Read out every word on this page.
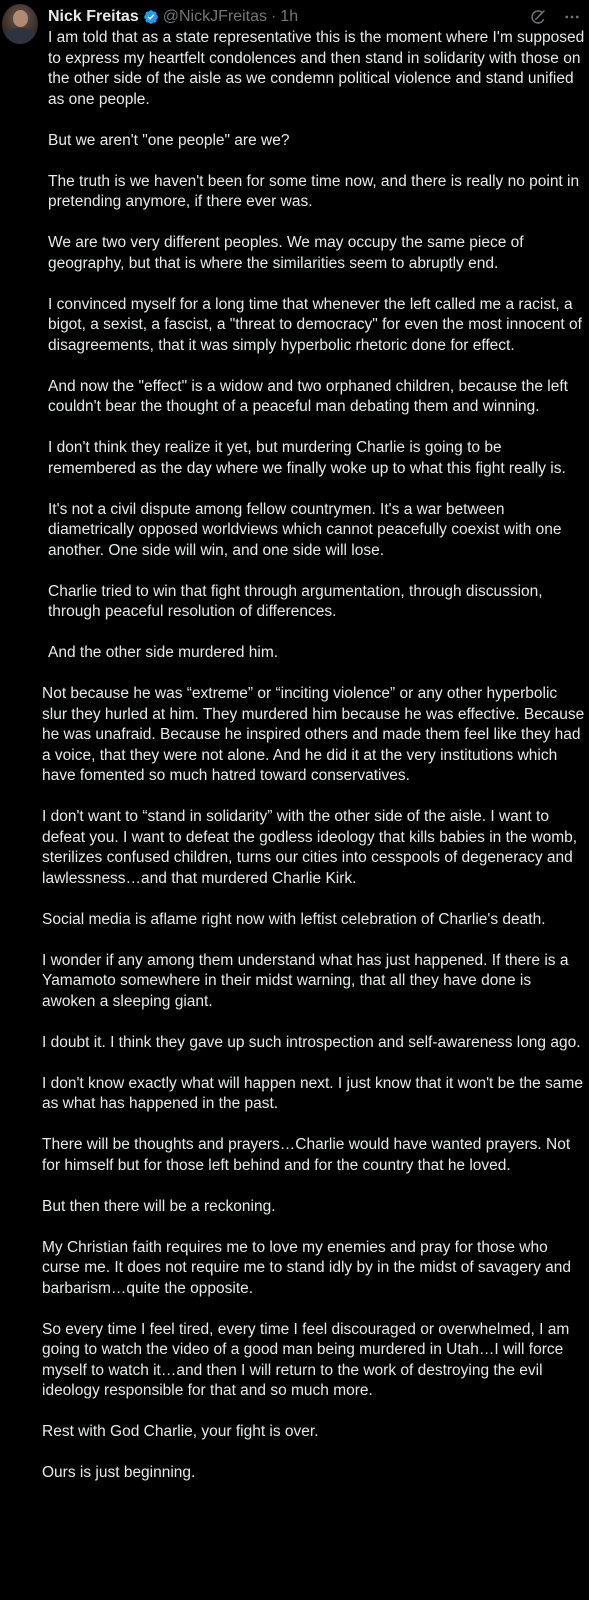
Nick Freitas @NickJFreitas · 1h

I am told that as a state representative this is the moment where I'm supposed to express my heartfelt condolences and then stand in solidarity with those on the other side of the aisle as we condemn political violence and stand unified as one people.

But we aren't "one people" are we?

The truth is we haven't been for some time now, and there is really no point in pretending anymore, if there ever was.

We are two very different peoples. We may occupy the same piece of geography, but that is where the similarities seem to abruptly end.

I convinced myself for a long time that whenever the left called me a racist, a bigot, a sexist, a fascist, a "threat to democracy" for even the most innocent of disagreements, that it was simply hyperbolic rhetoric done for effect.

And now the "effect" is a widow and two orphaned children, because the left couldn't bear the thought of a peaceful man debating them and winning.

I don't think they realize it yet, but murdering Charlie is going to be remembered as the day where we finally woke up to what this fight really is.

It's not a civil dispute among fellow countrymen. It's a war between diametrically opposed worldviews which cannot peacefully coexist with one another. One side will win, and one side will lose.

Charlie tried to win that fight through argumentation, through discussion, through peaceful resolution of differences.

And the other side murdered him.

Not because he was “extreme” or “inciting violence” or any other hyperbolic slur they hurled at him. They murdered him because he was effective. Because he was unafraid. Because he inspired others and made them feel like they had a voice, that they were not alone. And he did it at the very institutions which have fomented so much hatred toward conservatives.

I don't want to “stand in solidarity” with the other side of the aisle. I want to defeat you. I want to defeat the godless ideology that kills babies in the womb, sterilizes confused children, turns our cities into cesspools of degeneracy and lawlessness…and that murdered Charlie Kirk.

Social media is aflame right now with leftist celebration of Charlie's death.

I wonder if any among them understand what has just happened. If there is a Yamamoto somewhere in their midst warning, that all they have done is awoken a sleeping giant.

I doubt it. I think they gave up such introspection and self-awareness long ago.

I don't know exactly what will happen next. I just know that it won't be the same as what has happened in the past.

There will be thoughts and prayers…Charlie would have wanted prayers. Not for himself but for those left behind and for the country that he loved.

But then there will be a reckoning.

My Christian faith requires me to love my enemies and pray for those who curse me. It does not require me to stand idly by in the midst of savagery and barbarism…quite the opposite.

So every time I feel tired, every time I feel discouraged or overwhelmed, I am going to watch the video of a good man being murdered in Utah…I will force myself to watch it…and then I will return to the work of destroying the evil ideology responsible for that and so much more.

Rest with God Charlie, your fight is over.

Ours is just beginning.
